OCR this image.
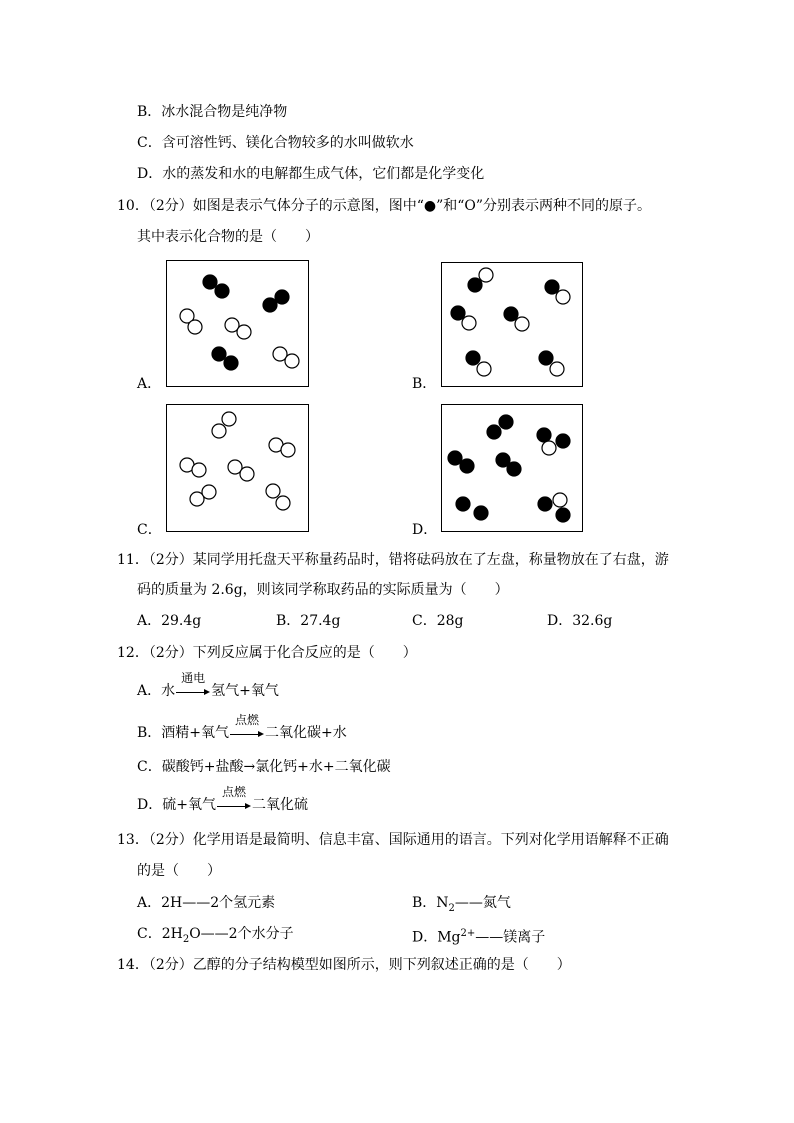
B．冰水混合物是纯净物
C．含可溶性钙、镁化合物较多的水叫做软水
D．水的蒸发和水的电解都生成气体，它们都是化学变化
10．（2分）如图是表示气体分子的示意图，图中“●”和“O”分别表示两种不同的原子。
其中表示化合物的是（　　）
A．	B．
C．	D．
11．（2分）某同学用托盘天平称量药品时，错将砝码放在了左盘，称量物放在了右盘，游
码的质量为 2.6g，则该同学称取药品的实际质量为（　　）
A．29.4g	B．27.4g	C．28g	D．32.6g
12．（2分）下列反应属于化合反应的是（　　）
A．水
通电
氢气+氧气
B．酒精+氧气
点燃
二氧化碳+水
C．碳酸钙+盐酸→氯化钙+水+二氧化碳
D．硫+氧气
点燃
二氧化硫
13．（2分）化学用语是最简明、信息丰富、国际通用的语言。下列对化学用语解释不正确
的是（　　）
A．2H——2个氢元素	B．$N_2——$氮气
C．$2H_2O——2$个水分子	D．$Mg^{2+}——$镁离子
14．（2分）乙醇的分子结构模型如图所示，则下列叙述正确的是（　　）
